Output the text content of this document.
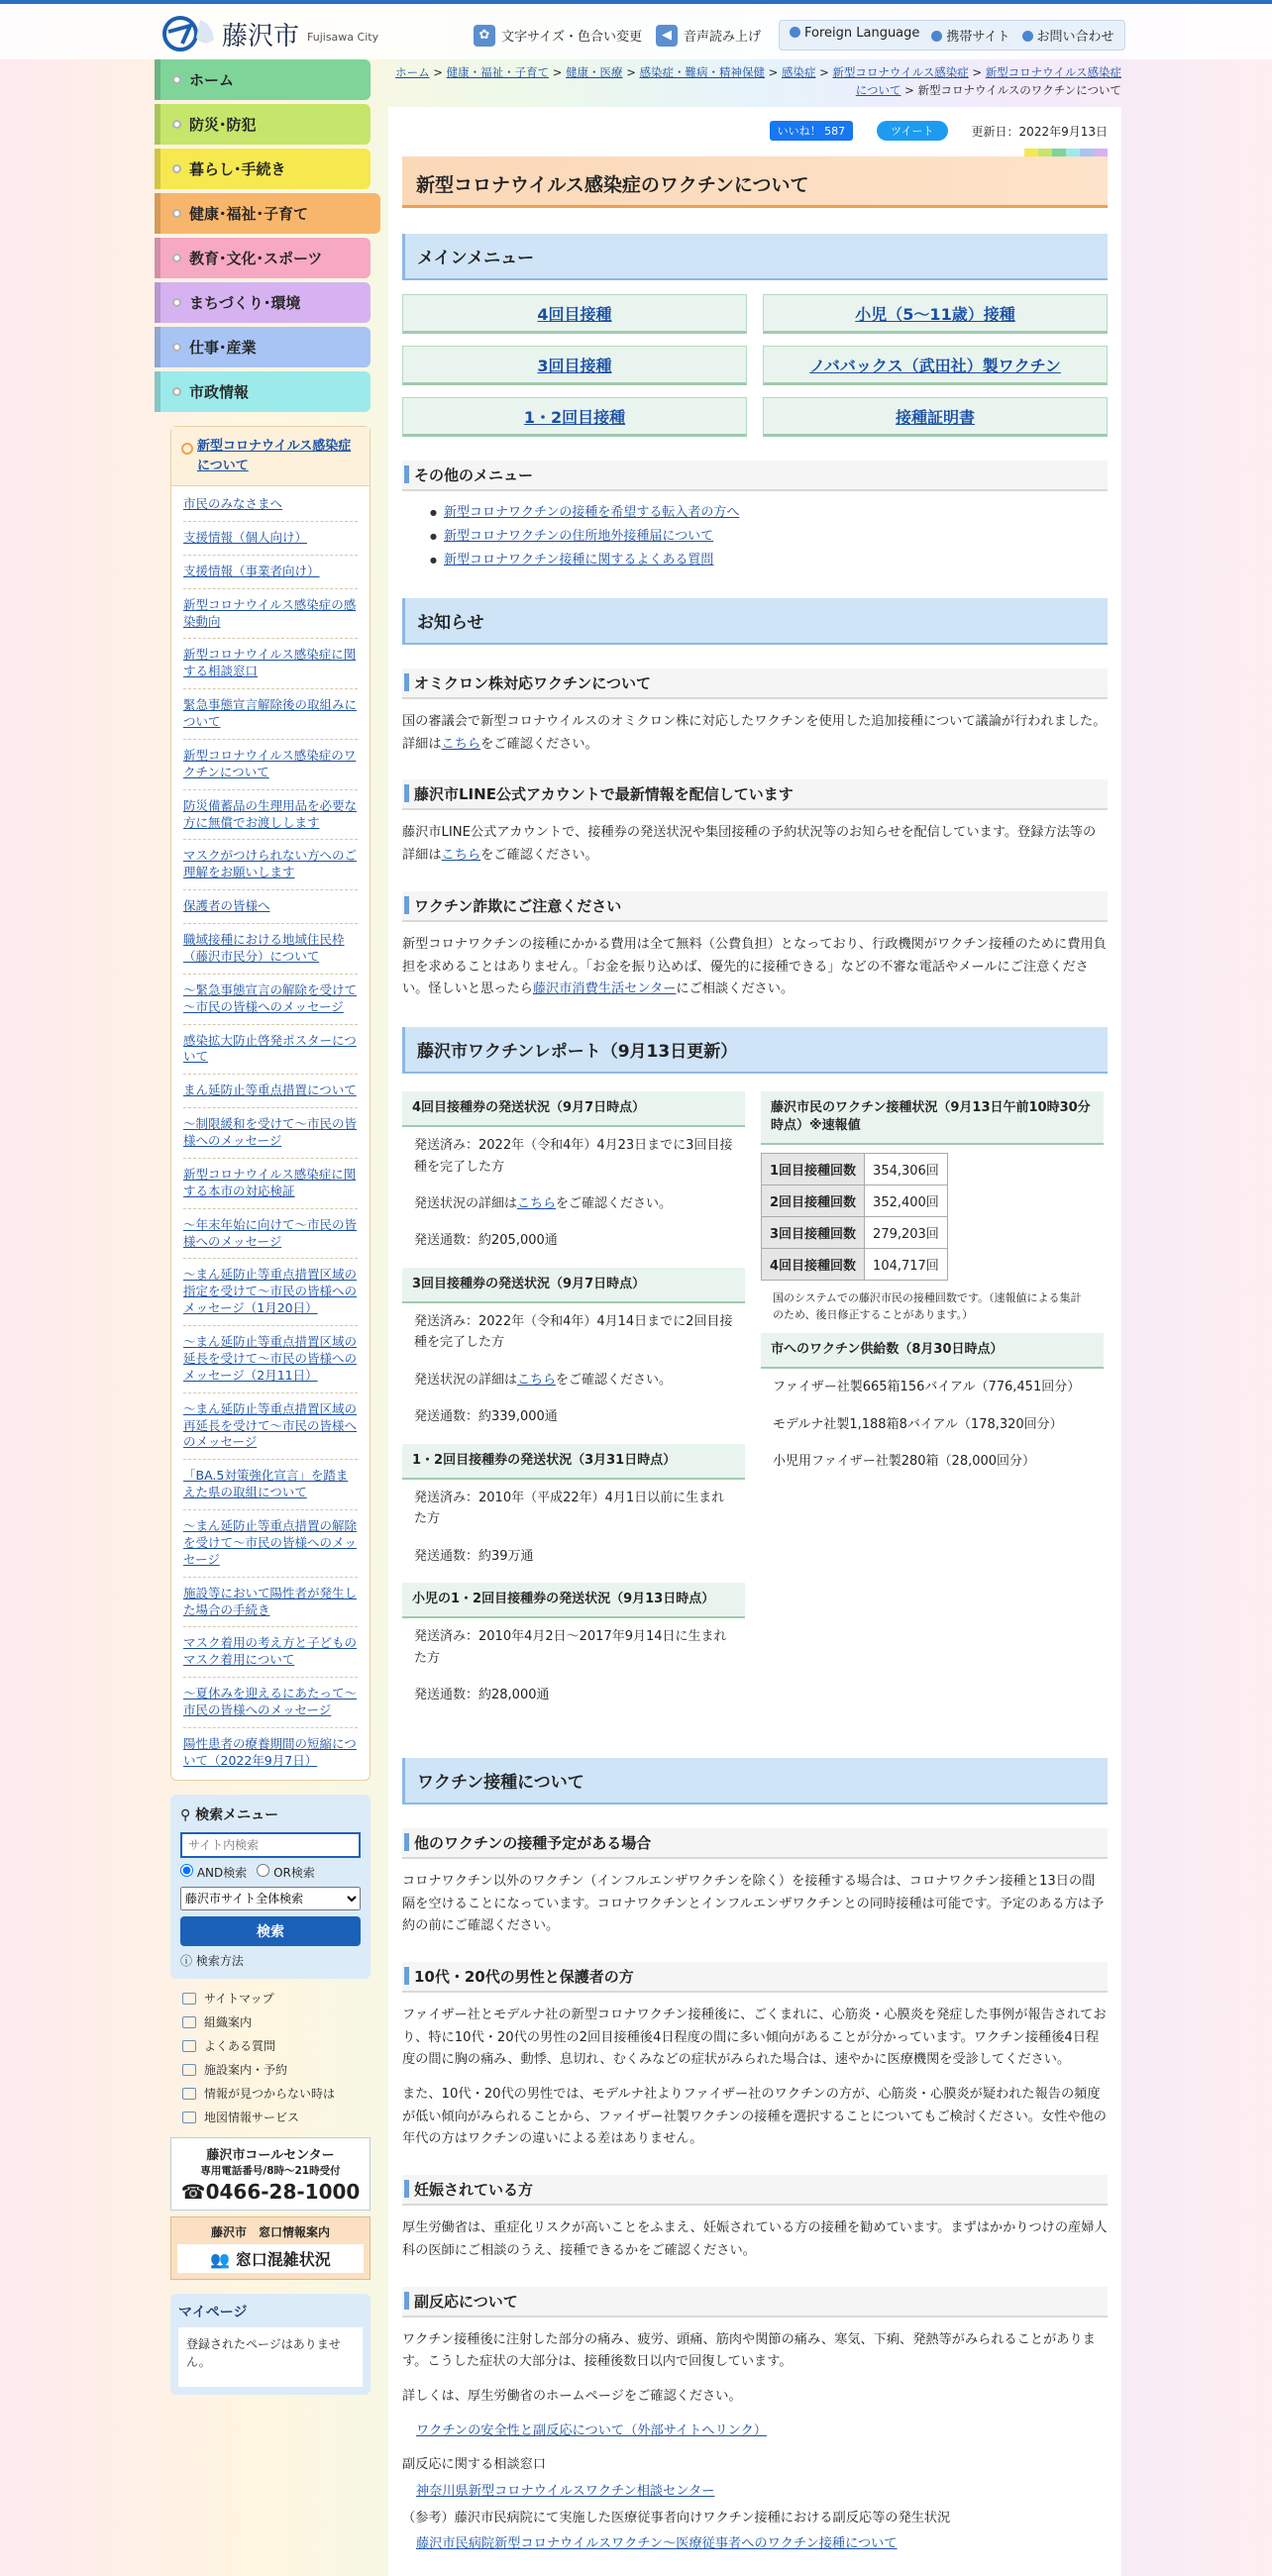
藤沢市 Fujisawa City	✿ 文字サイズ・色合い変更	◀ 音声読み上げ	Foreign Language	携帯サイト	お問い合わせ
ホーム
防災･防犯
暮らし･手続き
健康･福祉･子育て
教育･文化･スポーツ
まちづくり･環境
仕事･産業
市政情報
新型コロナウイルス感染症について
市民のみなさまへ
支援情報（個人向け）
支援情報（事業者向け）
新型コロナウイルス感染症の感染動向
新型コロナウイルス感染症に関する相談窓口
緊急事態宣言解除後の取組みについて
新型コロナウイルス感染症のワクチンについて
防災備蓄品の生理用品を必要な方に無償でお渡しします
マスクがつけられない方へのご理解をお願いします
保護者の皆様へ
職域接種における地域住民枠（藤沢市民分）について
～緊急事態宣言の解除を受けて～市民の皆様へのメッセージ
感染拡大防止啓発ポスターについて
まん延防止等重点措置について
～制限緩和を受けて～市民の皆様へのメッセージ
新型コロナウイルス感染症に関する本市の対応検証
～年末年始に向けて～市民の皆様へのメッセージ
～まん延防止等重点措置区域の指定を受けて～市民の皆様へのメッセージ（1月20日）
～まん延防止等重点措置区域の延長を受けて～市民の皆様へのメッセージ（2月11日）
～まん延防止等重点措置区域の再延長を受けて～市民の皆様へのメッセージ
「BA.5対策強化宣言」を踏まえた県の取組について
～まん延防止等重点措置の解除を受けて～市民の皆様へのメッセージ
施設等において陽性者が発生した場合の手続き
マスク着用の考え方と子どものマスク着用について
～夏休みを迎えるにあたって～市民の皆様へのメッセージ
陽性患者の療養期間の短縮について（2022年9月7日）
⚲ 検索メニュー
サイト内検索
AND検索	OR検索
藤沢市サイト全体検索 検索
ⓘ 検索方法
サイトマップ
組織案内
よくある質問
施設案内・予約
情報が見つからない時は
地図情報サービス
藤沢市コールセンター
専用電話番号/8時～21時受付
☎0466-28-1000
藤沢市　窓口情報案内
👥 窓口混雑状況
マイページ
登録されたページはありません。
ホーム > 健康・福祉・子育て > 健康・医療 > 感染症・難病・精神保健 > 感染症 > 新型コロナウイルス感染症 > 新型コロナウイルス感染症について > 新型コロナウイルスのワクチンについて
いいね！ 587	ツイート	更新日：2022年9月13日
新型コロナウイルス感染症のワクチンについて
メインメニュー
4回目接種	小児（5～11歳）接種
3回目接種	ノババックス（武田社）製ワクチン
1・2回目接種	接種証明書
その他のメニュー
● 新型コロナワクチンの接種を希望する転入者の方へ
● 新型コロナワクチンの住所地外接種届について
● 新型コロナワクチン接種に関するよくある質問
お知らせ
オミクロン株対応ワクチンについて

国の審議会で新型コロナウイルスのオミクロン株に対応したワクチンを使用した追加接種について議論が行われました。詳細はこちらをご確認ください。

藤沢市LINE公式アカウントで最新情報を配信しています

藤沢市LINE公式アカウントで、接種券の発送状況や集団接種の予約状況等のお知らせを配信しています。登録方法等の詳細はこちらをご確認ください。

ワクチン詐欺にご注意ください

新型コロナワクチンの接種にかかる費用は全て無料（公費負担）となっており、行政機関がワクチン接種のために費用負担を求めることはありません。「お金を振り込めば、優先的に接種できる」などの不審な電話やメールにご注意ください。怪しいと思ったら藤沢市消費生活センターにご相談ください。

藤沢市ワクチンレポート（9月13日更新）
4回目接種券の発送状況（9月7日時点）
発送済み：2022年（令和4年）4月23日までに3回目接種を完了した方
発送状況の詳細はこちらをご確認ください。
発送通数：約205,000通
3回目接種券の発送状況（9月7日時点）
発送済み：2022年（令和4年）4月14日までに2回目接種を完了した方
発送状況の詳細はこちらをご確認ください。
発送通数：約339,000通
1・2回目接種券の発送状況（3月31日時点）
発送済み：2010年（平成22年）4月1日以前に生まれた方
発送通数：約39万通
小児の1・2回目接種券の発送状況（9月13日時点）
発送済み：2010年4月2日～2017年9月14日に生まれた方
発送通数：約28,000通
藤沢市民のワクチン接種状況（9月13日午前10時30分時点）※速報値
1回目接種回数	354,306回
2回目接種回数	352,400回
3回目接種回数	279,203回
4回目接種回数	104,717回
国のシステムでの藤沢市民の接種回数です。（速報値による集計のため、後日修正することがあります。）
市へのワクチン供給数（8月30日時点）
ファイザー社製665箱156バイアル（776,451回分）
モデルナ社製1,188箱8バイアル（178,320回分）
小児用ファイザー社製280箱（28,000回分）
ワクチン接種について
他のワクチンの接種予定がある場合

コロナワクチン以外のワクチン（インフルエンザワクチンを除く）を接種する場合は、コロナワクチン接種と13日の間隔を空けることになっています。コロナワクチンとインフルエンザワクチンとの同時接種は可能です。予定のある方は予約の前にご確認ください。

10代・20代の男性と保護者の方

ファイザー社とモデルナ社の新型コロナワクチン接種後に、ごくまれに、心筋炎・心膜炎を発症した事例が報告されており、特に10代・20代の男性の2回目接種後4日程度の間に多い傾向があることが分かっています。ワクチン接種後4日程度の間に胸の痛み、動悸、息切れ、むくみなどの症状がみられた場合は、速やかに医療機関を受診してください。

また、10代・20代の男性では、モデルナ社よりファイザー社のワクチンの方が、心筋炎・心膜炎が疑われた報告の頻度が低い傾向がみられることから、ファイザー社製ワクチンの接種を選択することについてもご検討ください。女性や他の年代の方はワクチンの違いによる差はありません。

妊娠されている方

厚生労働省は、重症化リスクが高いことをふまえ、妊娠されている方の接種を勧めています。まずはかかりつけの産婦人科の医師にご相談のうえ、接種できるかをご確認ください。

副反応について

ワクチン接種後に注射した部分の痛み、疲労、頭痛、筋肉や関節の痛み、寒気、下痢、発熱等がみられることがあります。こうした症状の大部分は、接種後数日以内で回復しています。

詳しくは、厚生労働省のホームページをご確認ください。

ワクチンの安全性と副反応について（外部サイトへリンク）

副反応に関する相談窓口

神奈川県新型コロナウイルスワクチン相談センター

（参考）藤沢市民病院にて実施した医療従事者向けワクチン接種における副反応等の発生状況

藤沢市民病院新型コロナウイルスワクチン～医療従事者へのワクチン接種について
